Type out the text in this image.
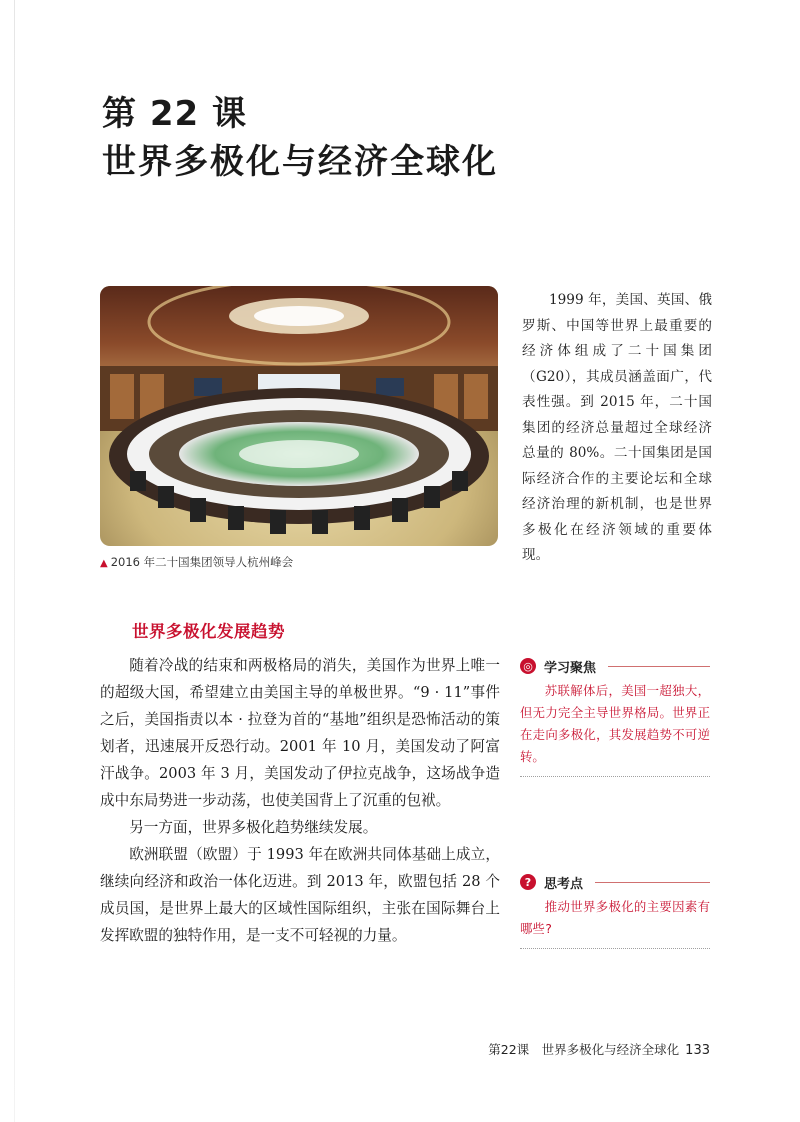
第 22 课
世界多极化与经济全球化
▲ 2016 年二十国集团领导人杭州峰会
1999 年，美国、英国、俄罗斯、中国等世界上最重要的经济体组成了二十国集团（G20），其成员涵盖面广，代表性强。到 2015 年，二十国集团的经济总量超过全球经济总量的 80%。二十国集团是国际经济合作的主要论坛和全球经济治理的新机制，也是世界多极化在经济领域的重要体现。
世界多极化发展趋势

随着冷战的结束和两极格局的消失，美国作为世界上唯一的超级大国，希望建立由美国主导的单极世界。“9 · 11”事件之后，美国指责以本 · 拉登为首的“基地”组织是恐怖活动的策划者，迅速展开反恐行动。2001 年 10 月，美国发动了阿富汗战争。2003 年 3 月，美国发动了伊拉克战争，这场战争造成中东局势进一步动荡，也使美国背上了沉重的包袱。

另一方面，世界多极化趋势继续发展。

欧洲联盟（欧盟）于 1993 年在欧洲共同体基础上成立，继续向经济和政治一体化迈进。到 2013 年，欧盟包括 28 个成员国，是世界上最大的区域性国际组织，主张在国际舞台上发挥欧盟的独特作用，是一支不可轻视的力量。

◎ 学习聚焦
苏联解体后，美国一超独大，但无力完全主导世界格局。世界正在走向多极化，其发展趋势不可逆转。
? 思考点
推动世界多极化的主要因素有哪些?
第22课　世界多极化与经济全球化 133
